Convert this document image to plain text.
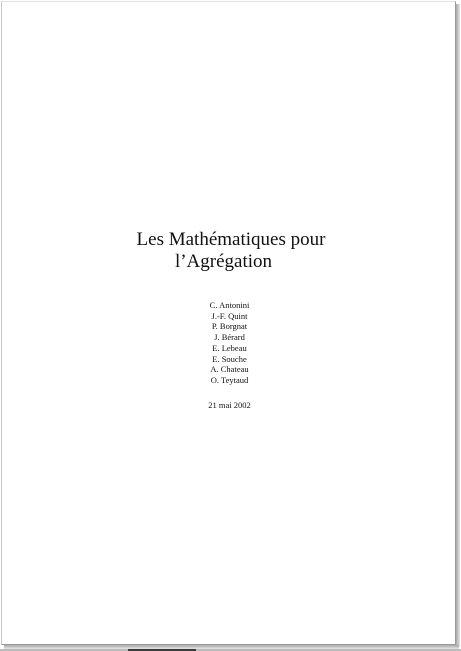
Les Mathématiques pour
l’Agrégation
C. Antonini
J.-F. Quint
P. Borgnat
J. Bérard
E. Lebeau
E. Souche
A. Chateau
O. Teytaud
21 mai 2002
